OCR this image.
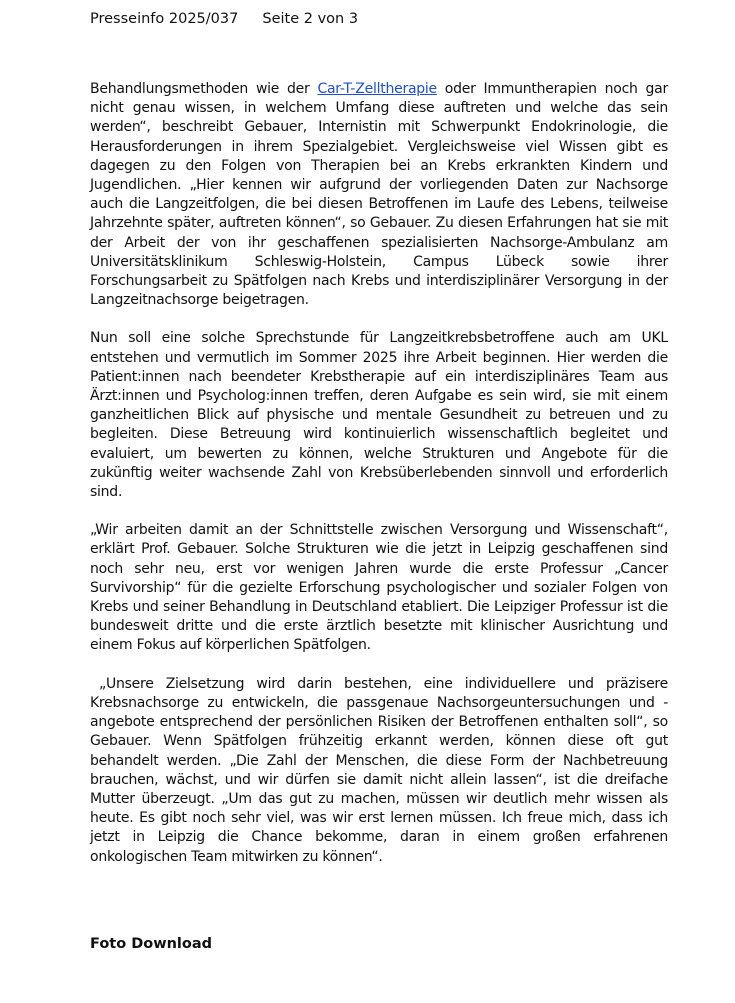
Presseinfo 2025/037 Seite 2 von 3

Behandlungsmethoden wie der Car-T-Zelltherapie oder Immuntherapien noch gar nicht genau wissen, in welchem Umfang diese auftreten und welche das sein werden“, beschreibt Gebauer, Internistin mit Schwerpunkt Endokrinologie, die Herausforderungen in ihrem Spezialgebiet. Vergleichsweise viel Wissen gibt es dagegen zu den Folgen von Therapien bei an Krebs erkrankten Kindern und Jugendlichen. „Hier kennen wir aufgrund der vorliegenden Daten zur Nachsorge auch die Langzeitfolgen, die bei diesen Betroffenen im Laufe des Lebens, teilweise Jahrzehnte später, auftreten können“, so Gebauer. Zu diesen Erfahrungen hat sie mit der Arbeit der von ihr geschaffenen spezialisierten Nachsorge-Ambulanz am Universitätsklinikum Schleswig-Holstein, Campus Lübeck sowie ihrer Forschungsarbeit zu Spätfolgen nach Krebs und interdisziplinärer Versorgung in der Langzeitnachsorge beigetragen.

Nun soll eine solche Sprechstunde für Langzeitkrebsbetroffene auch am UKL entstehen und vermutlich im Sommer 2025 ihre Arbeit beginnen. Hier werden die Patient:innen nach beendeter Krebstherapie auf ein interdisziplinäres Team aus Ärzt:innen und Psycholog:innen treffen, deren Aufgabe es sein wird, sie mit einem ganzheitlichen Blick auf physische und mentale Gesundheit zu betreuen und zu begleiten. Diese Betreuung wird kontinuierlich wissenschaftlich begleitet und evaluiert, um bewerten zu können, welche Strukturen und Angebote für die zukünftig weiter wachsende Zahl von Krebsüberlebenden sinnvoll und erforderlich sind.

„Wir arbeiten damit an der Schnittstelle zwischen Versorgung und Wissenschaft“, erklärt Prof. Gebauer. Solche Strukturen wie die jetzt in Leipzig geschaffenen sind noch sehr neu, erst vor wenigen Jahren wurde die erste Professur „Cancer Survivorship“ für die gezielte Erforschung psychologischer und sozialer Folgen von Krebs und seiner Behandlung in Deutschland etabliert. Die Leipziger Professur ist die bundesweit dritte und die erste ärztlich besetzte mit klinischer Ausrichtung und einem Fokus auf körperlichen Spätfolgen.

„Unsere Zielsetzung wird darin bestehen, eine individuellere und präzisere Krebsnachsorge zu entwickeln, die passgenaue Nachsorgeuntersuchungen und -angebote entsprechend der persönlichen Risiken der Betroffenen enthalten soll“, so Gebauer. Wenn Spätfolgen frühzeitig erkannt werden, können diese oft gut behandelt werden. „Die Zahl der Menschen, die diese Form der Nachbetreuung brauchen, wächst, und wir dürfen sie damit nicht allein lassen“, ist die dreifache Mutter überzeugt. „Um das gut zu machen, müssen wir deutlich mehr wissen als heute. Es gibt noch sehr viel, was wir erst lernen müssen. Ich freue mich, dass ich jetzt in Leipzig die Chance bekomme, daran in einem großen erfahrenen onkologischen Team mitwirken zu können“.

Foto Download
